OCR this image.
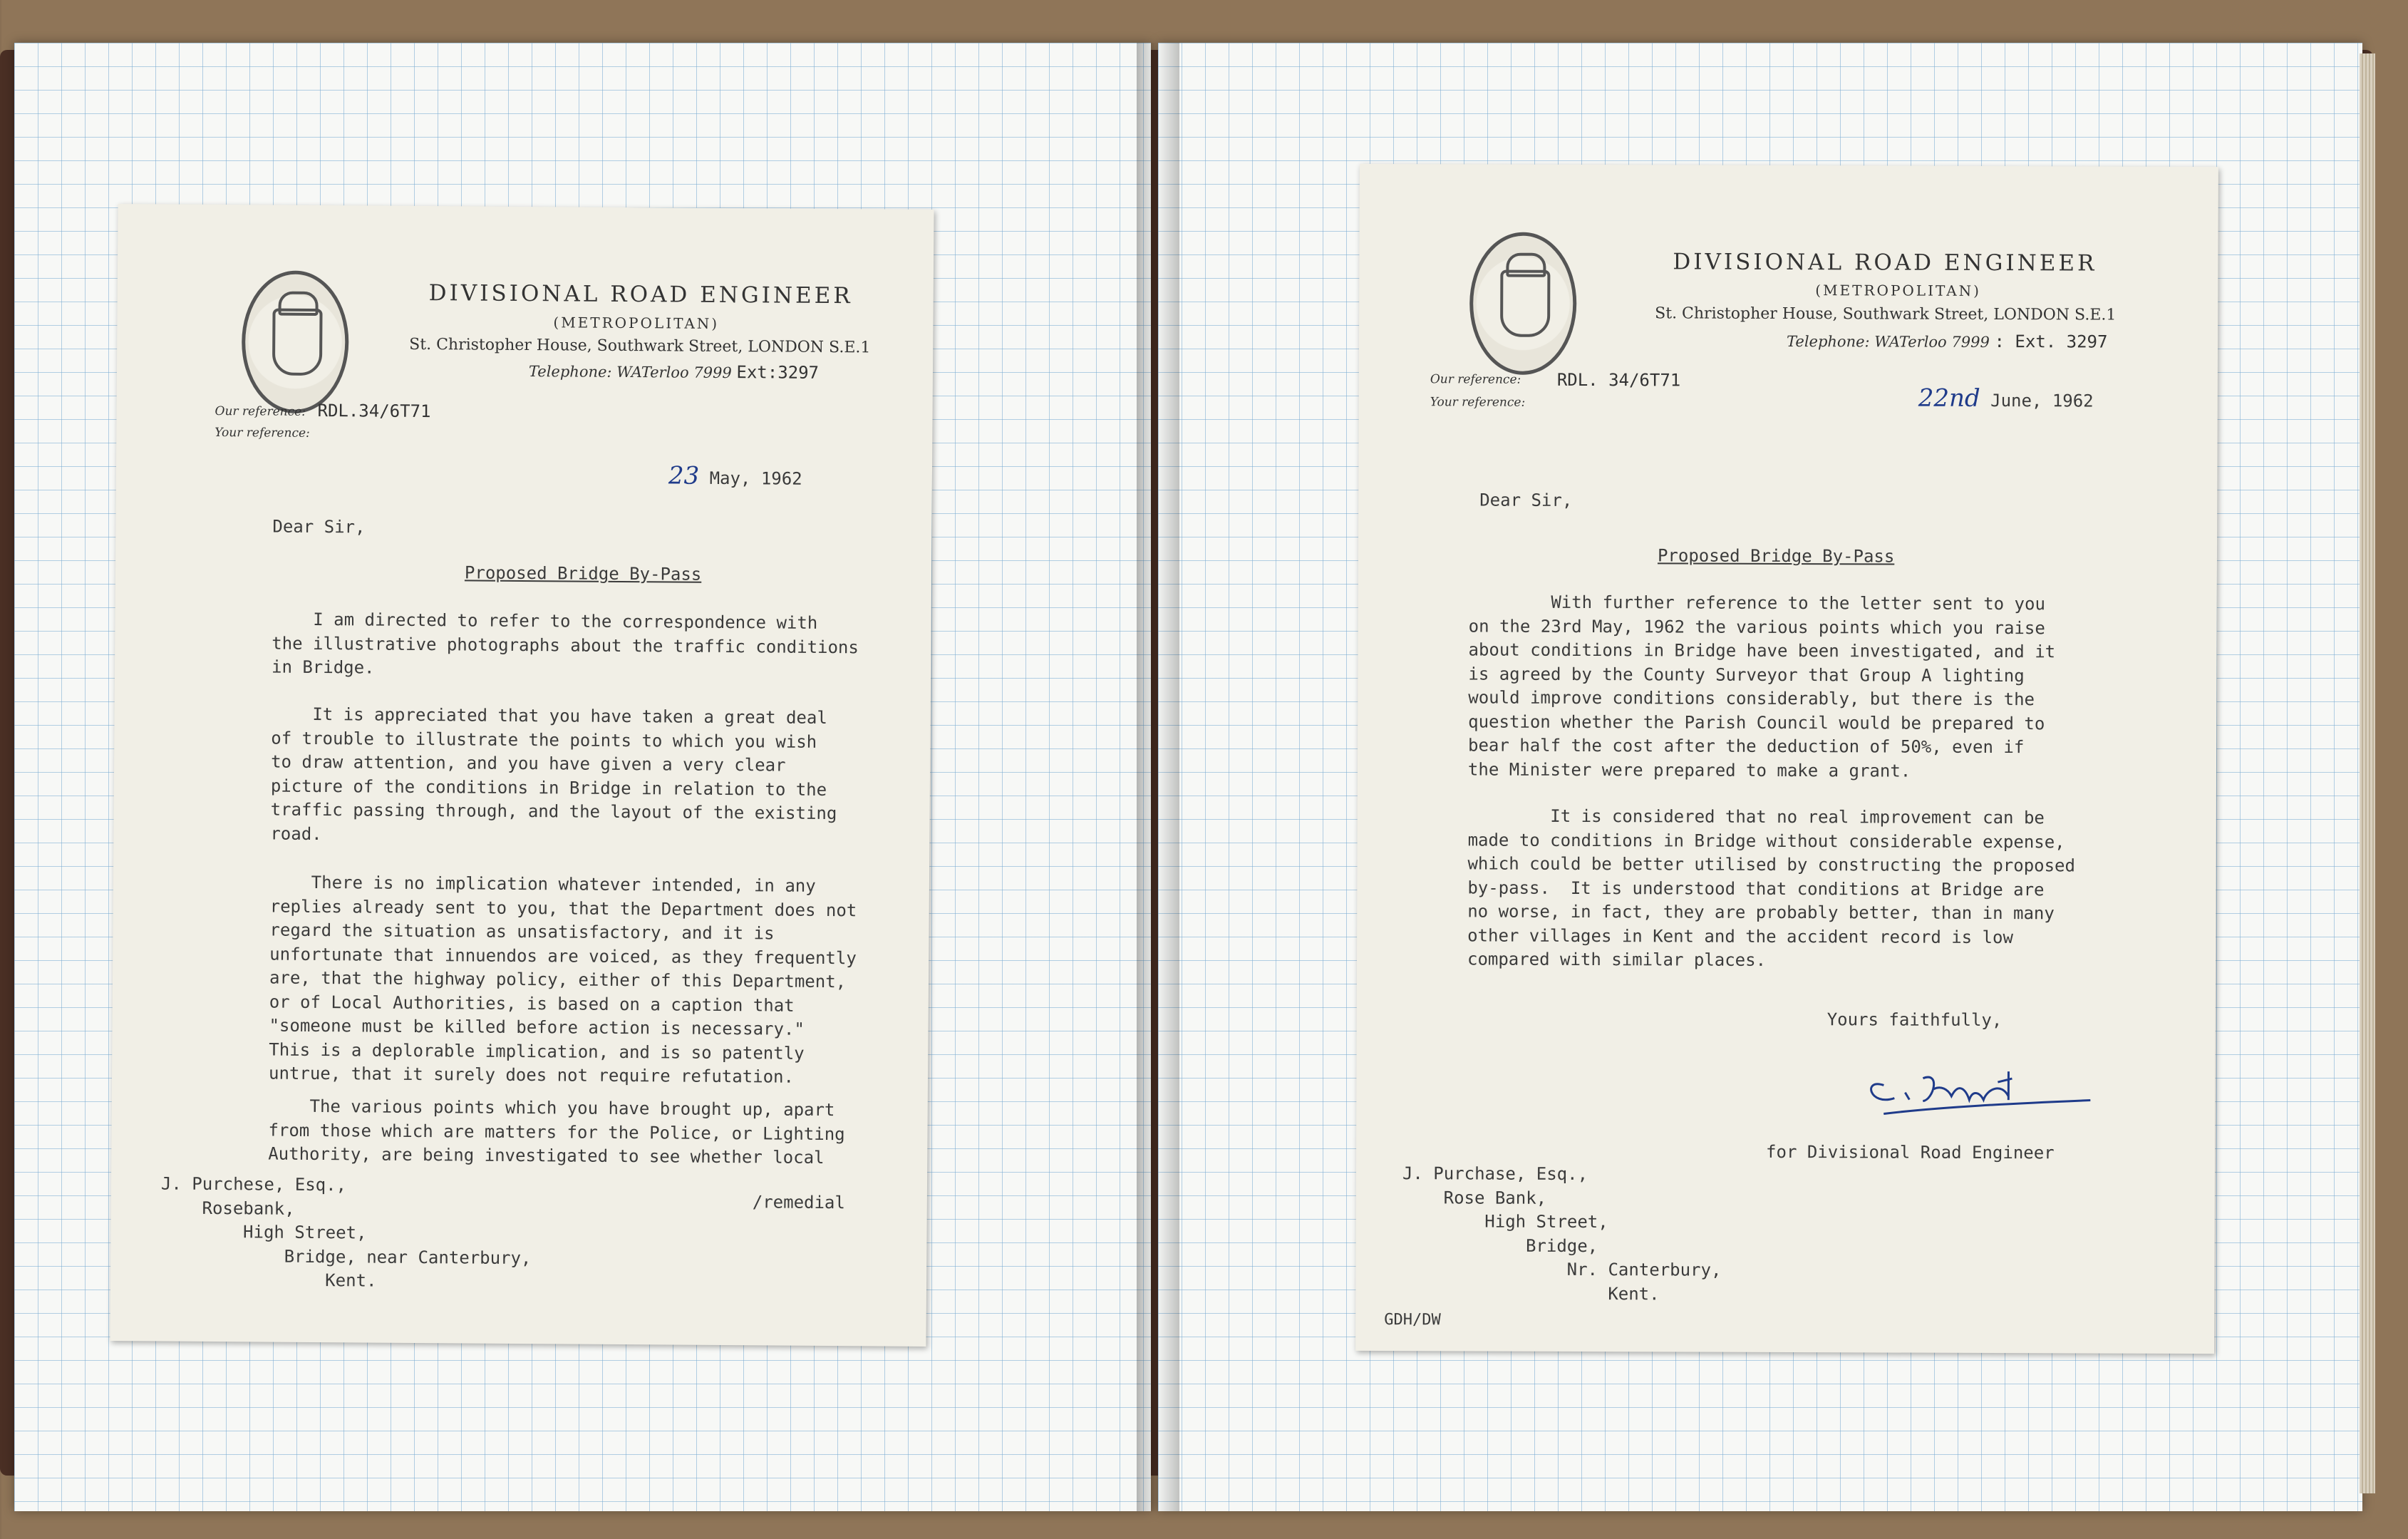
DIVISIONAL ROAD ENGINEER
(METROPOLITAN)
St. Christopher House, Southwark Street, LONDON S.E.1
Telephone: WATerloo 7999 Ext:3297
Our reference: RDL.34/6T71
Your reference:
23 May, 1962
Dear Sir,
Proposed Bridge By-Pass
I am directed to refer to the correspondence with
the illustrative photographs about the traffic conditions
in Bridge.
It is appreciated that you have taken a great deal
of trouble to illustrate the points to which you wish
to draw attention, and you have given a very clear
picture of the conditions in Bridge in relation to the
traffic passing through, and the layout of the existing
road.
There is no implication whatever intended, in any
replies already sent to you, that the Department does not
regard the situation as unsatisfactory, and it is
unfortunate that innuendos are voiced, as they frequently
are, that the highway policy, either of this Department,
or of Local Authorities, is based on a caption that
"someone must be killed before action is necessary."
This is a deplorable implication, and is so patently
untrue, that it surely does not require refutation.
The various points which you have brought up, apart
from those which are matters for the Police, or Lighting
Authority, are being investigated to see whether local
/remedial
J. Purchese, Esq.,
Rosebank,
High Street,
Bridge, near Canterbury,
Kent.
DIVISIONAL ROAD ENGINEER
(METROPOLITAN)
St. Christopher House, Southwark Street, LONDON S.E.1
Telephone: WATerloo 7999 : Ext. 3297
Our reference: RDL. 34/6T71
Your reference:	22nd June, 1962
Dear Sir,
Proposed Bridge By-Pass
With further reference to the letter sent to you
on the 23rd May, 1962 the various points which you raise
about conditions in Bridge have been investigated, and it
is agreed by the County Surveyor that Group A lighting
would improve conditions considerably, but there is the
question whether the Parish Council would be prepared to
bear half the cost after the deduction of 50%, even if
the Minister were prepared to make a grant.
It is considered that no real improvement can be
made to conditions in Bridge without considerable expense,
which could be better utilised by constructing the proposed
by-pass.  It is understood that conditions at Bridge are
no worse, in fact, they are probably better, than in many
other villages in Kent and the accident record is low
compared with similar places.
Yours faithfully,
for Divisional Road Engineer
J. Purchase, Esq.,
Rose Bank,
High Street,
Bridge,
Nr. Canterbury,
Kent.
GDH/DW
